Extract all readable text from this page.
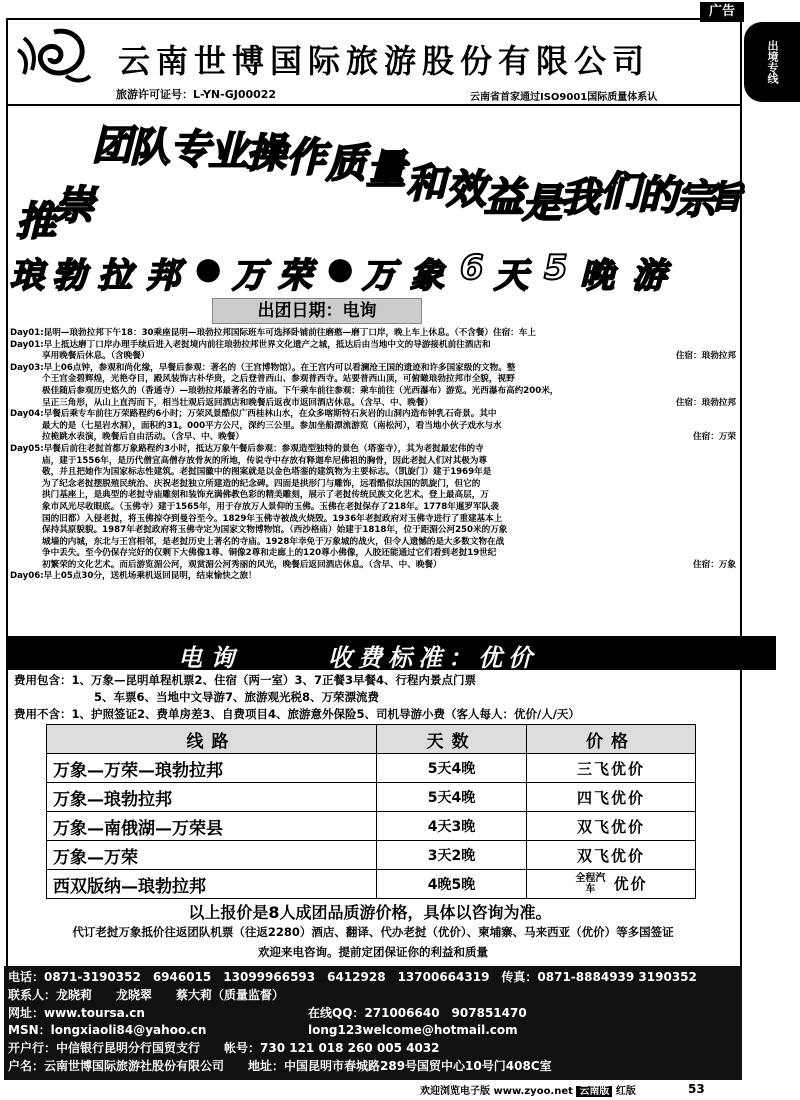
广告
出境专线
云南世博国际旅游股份有限公司
旅游许可证号：L-YN-GJ00022	云南省首家通过ISO9001国际质量体系认
推
崇
团
队 专
业
操 作 质 量 和 效
益
是
我 们
的
宗
旨
琅 勃 拉 邦 ● 万 荣 ● 万 象 6 天 5 晚 游
出团日期：电询

Day01:昆明—琅勃拉邦下午18：30乘座昆明—琅勃拉邦国际班车可选择卧铺前往磨憨—磨丁口岸，晚上车上休息。（不含餐）住宿：车上

Day01:早上抵达磨丁口岸办理手续后进入老挝境内前往琅勃拉邦世界文化遗产之城，抵达后由当地中文的导游接机前往酒店和

享用晚餐后休息。（含晚餐）	住宿：琅勃拉邦

Day03:早上06点钟，参观和尚化缘，早餐后参观：著名的（王宫博物馆）。在王宫内可以看澜沧王国的遗迹和许多国家级的文物。整

个王宫金碧辉煌，光艳夺目，殿风装饰古朴华贵，之后登普西山、参观普西寺。站要普西山顶，可俯瞰琅勃拉邦市全貌，视野

极佳随后参观历史悠久的（香通寺）—琅勃拉邦最著名的寺庙。下午乘车前往参观：乘车前往（光西瀑布）游览。光西瀑布高约200米，

呈正三角形，从山上直泻而下，相当壮观后返回酒店和晚餐后返夜市返回酒店休息。（含早、中、晚餐）	住宿：琅勃拉邦

Day04:早餐后乘专车前往万荣路程约6小时；万荣风景酷似广西桂林山水，在众多喀斯特石灰岩的山洞内造布钟乳石奇景。其中

最大的是（七星岩水洞），面积约31。000平方公尺，深约三公里。参加坐船漂流游览（南松河），看当地小伙子戏水与水

拉桅跳水表演，晚餐后自由活动。（含早、中、晚餐）	住宿：万荣

Day05:早餐后前往老挝首都万象路程约3小时，抵达万象午餐后参观：参观造型独特的景色（塔銮寺），其为老挝最宏伟的寺

庙，建于1556年，是历代僧宣高僧存放骨灰的所地，传说寺中存放有释迦牟尼佛祖的胸骨，因此老挝人们对其极为尊

敬，并且把她作为国家标志性建筑。老挝国徽中的图案就是以金色塔銮的建筑物为主要标志。（凯旋门）建于1969年是

为了纪念老挝摆脱殖民统治、庆祝老挝独立所建造的纪念碑。四面是拱形门与雕饰，远看酷似法国的凯旋门，但它的

拱门基座上，是典型的老挝寺庙雕刻和装饰充满佛教色彩的精美雕刻，展示了老挝传统民族文化艺术。登上最高层，万

象市风光尽收眼底。（玉佛寺）建于1565年，用于存放万人景仰的玉佛。玉佛在老挝保存了218年。1778年暹罗军队袭

国的旧都）入侵老挝，将玉佛掠夺到曼谷至今。1829年玉佛寺被战火烧毁。1936年老挝政府对玉佛寺进行了重建基本上

保持其原貌貌。1987年老挝政府将玉佛寺定为国家文物博物馆。（西沙格庙）始建于1818年，位于距湄公河250米的万象

城墙的内城，东北与王宫相邻，是老挝历史上著名的寺庙。1928年幸免于万象城的战火，但令人遗憾的是大多数文物在战

争中丢失。至今仍保存完好的仅剩下大佛像1尊、铜像2尊和走廊上的120尊小佛像，人胶还能通过它们看到老挝19世纪

初繁荣的文化艺术。而后游览湄公河，观赏湄公河秀丽的风光，晚餐后返回酒店休息。（含早、中、晚餐）	住宿：万象

Day06:早上05点30分，送机场乘机返回昆明，结束愉快之旅！

电 询	收费标准：优价
费用包含：1、万象—昆明单程机票2、住宿（两一室）3、7正餐3早餐4、行程内景点门票
5、车票6、当地中文导游7、旅游观光税8、万荣漂流费
费用不含：1、护照签证2、费单房差3、自费项目4、旅游意外保险5、司机导游小费（客人每人：优价/人/天）
线路	天数	价格
万象—万荣—琅勃拉邦	5天4晚	三飞优价
万象—琅勃拉邦	5天4晚	四飞优价
万象—南俄湖—万荣县	4天3晚	双飞优价
万象—万荣	3天2晚	双飞优价
西双版纳—琅勃拉邦	4晚5晚	全程汽车 优价
以上报价是8人成团品质游价格，具体以咨询为准。
代订老挝万象抵价往返团队机票（往返2280）酒店、翻译、代办老挝（优价）、柬埔寨、马来西亚（优价）等多国签证
欢迎来电咨询。提前定团保证你的利益和质量
电话：0871-3190352　6946015　13099966593　6412928　13700664319　传真：0871-8884939 3190352
联系人：龙晓莉　　龙晓翠　　蔡大莉（质量监督）
网址：www.toursa.cn	在线QQ：271006640　907851470
MSN：longxiaoli84@yahoo.cn	long123welcome@hotmail.com
开户行：中信银行昆明分行国贸支行　　帐号：730 121 018 260 005 4032
户名：云南世博国际旅游社股份有限公司　　地址：中国昆明市春城路289号国贸中心10号门408C室
欢迎浏览电子版 www.zyoo.net 云南版 红版	53
